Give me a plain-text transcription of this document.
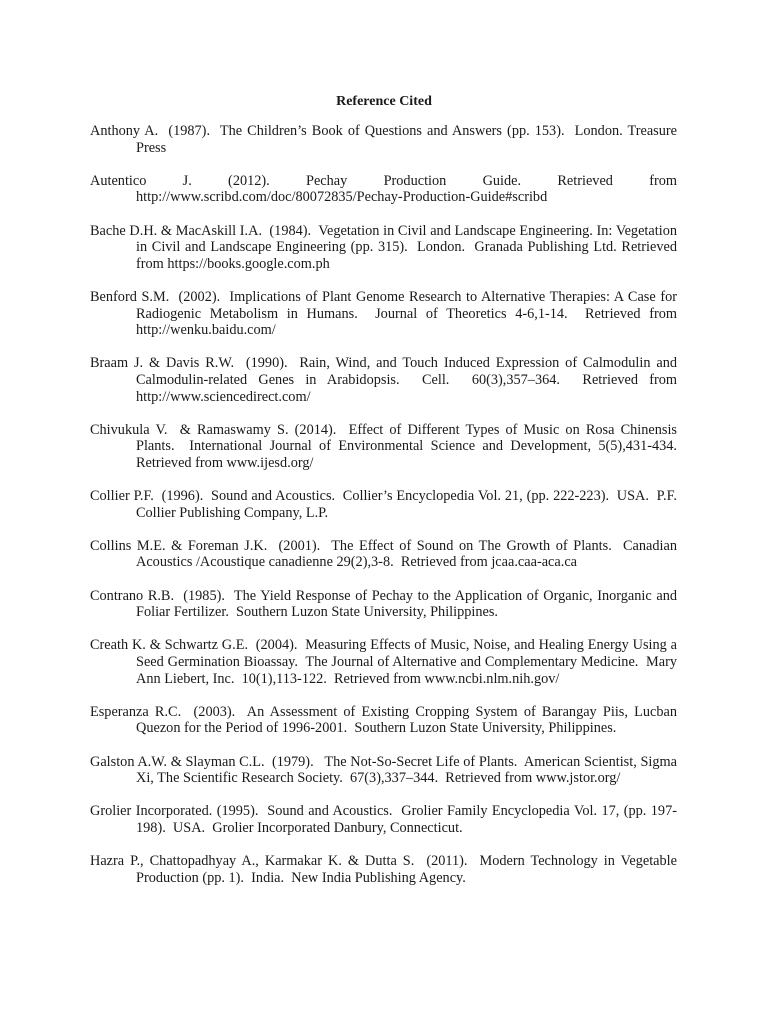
Reference Cited
Anthony A.  (1987).  The Children’s Book of Questions and Answers (pp. 153).  London. Treasure Press
Autentico J. (2012). Pechay Production Guide. Retrieved from http://www.scribd.com/doc/80072835/Pechay-Production-Guide#scribd
Bache D.H. & MacAskill I.A.  (1984).  Vegetation in Civil and Landscape Engineering. In: Vegetation in Civil and Landscape Engineering (pp. 315).  London.  Granada Publishing Ltd. Retrieved from https://books.google.com.ph
Benford S.M.  (2002).  Implications of Plant Genome Research to Alternative Therapies: A Case for Radiogenic Metabolism in Humans.  Journal of Theoretics 4-6,1-14.  Retrieved from http://wenku.baidu.com/
Braam J. & Davis R.W.  (1990).  Rain, Wind, and Touch Induced Expression of Calmodulin and Calmodulin-related Genes in Arabidopsis.  Cell.  60(3),357–364.  Retrieved from http://www.sciencedirect.com/
Chivukula V.  & Ramaswamy S. (2014).  Effect of Different Types of Music on Rosa Chinensis Plants.  International Journal of Environmental Science and Development, 5(5),431-434.  Retrieved from www.ijesd.org/
Collier P.F.  (1996).  Sound and Acoustics.  Collier’s Encyclopedia Vol. 21, (pp. 222-223).  USA.  P.F. Collier Publishing Company, L.P.
Collins M.E. & Foreman J.K.  (2001).  The Effect of Sound on The Growth of Plants.  Canadian Acoustics /Acoustique canadienne 29(2),3-8.  Retrieved from jcaa.caa-aca.ca
Contrano R.B.  (1985).  The Yield Response of Pechay to the Application of Organic, Inorganic and Foliar Fertilizer.  Southern Luzon State University, Philippines.
Creath K. & Schwartz G.E.  (2004).  Measuring Effects of Music, Noise, and Healing Energy Using a Seed Germination Bioassay.  The Journal of Alternative and Complementary Medicine.  Mary Ann Liebert, Inc.  10(1),113-122.  Retrieved from www.ncbi.nlm.nih.gov/
Esperanza R.C.  (2003).  An Assessment of Existing Cropping System of Barangay Piis, Lucban Quezon for the Period of 1996-2001.  Southern Luzon State University, Philippines.
Galston A.W. & Slayman C.L.  (1979).   The Not-So-Secret Life of Plants.  American Scientist, Sigma Xi, The Scientific Research Society.  67(3),337–344.  Retrieved from www.jstor.org/
Grolier Incorporated. (1995).  Sound and Acoustics.  Grolier Family Encyclopedia Vol. 17, (pp. 197-198).  USA.  Grolier Incorporated Danbury, Connecticut.
Hazra P., Chattopadhyay A., Karmakar K. & Dutta S.  (2011).  Modern Technology in Vegetable Production (pp. 1).  India.  New India Publishing Agency.
